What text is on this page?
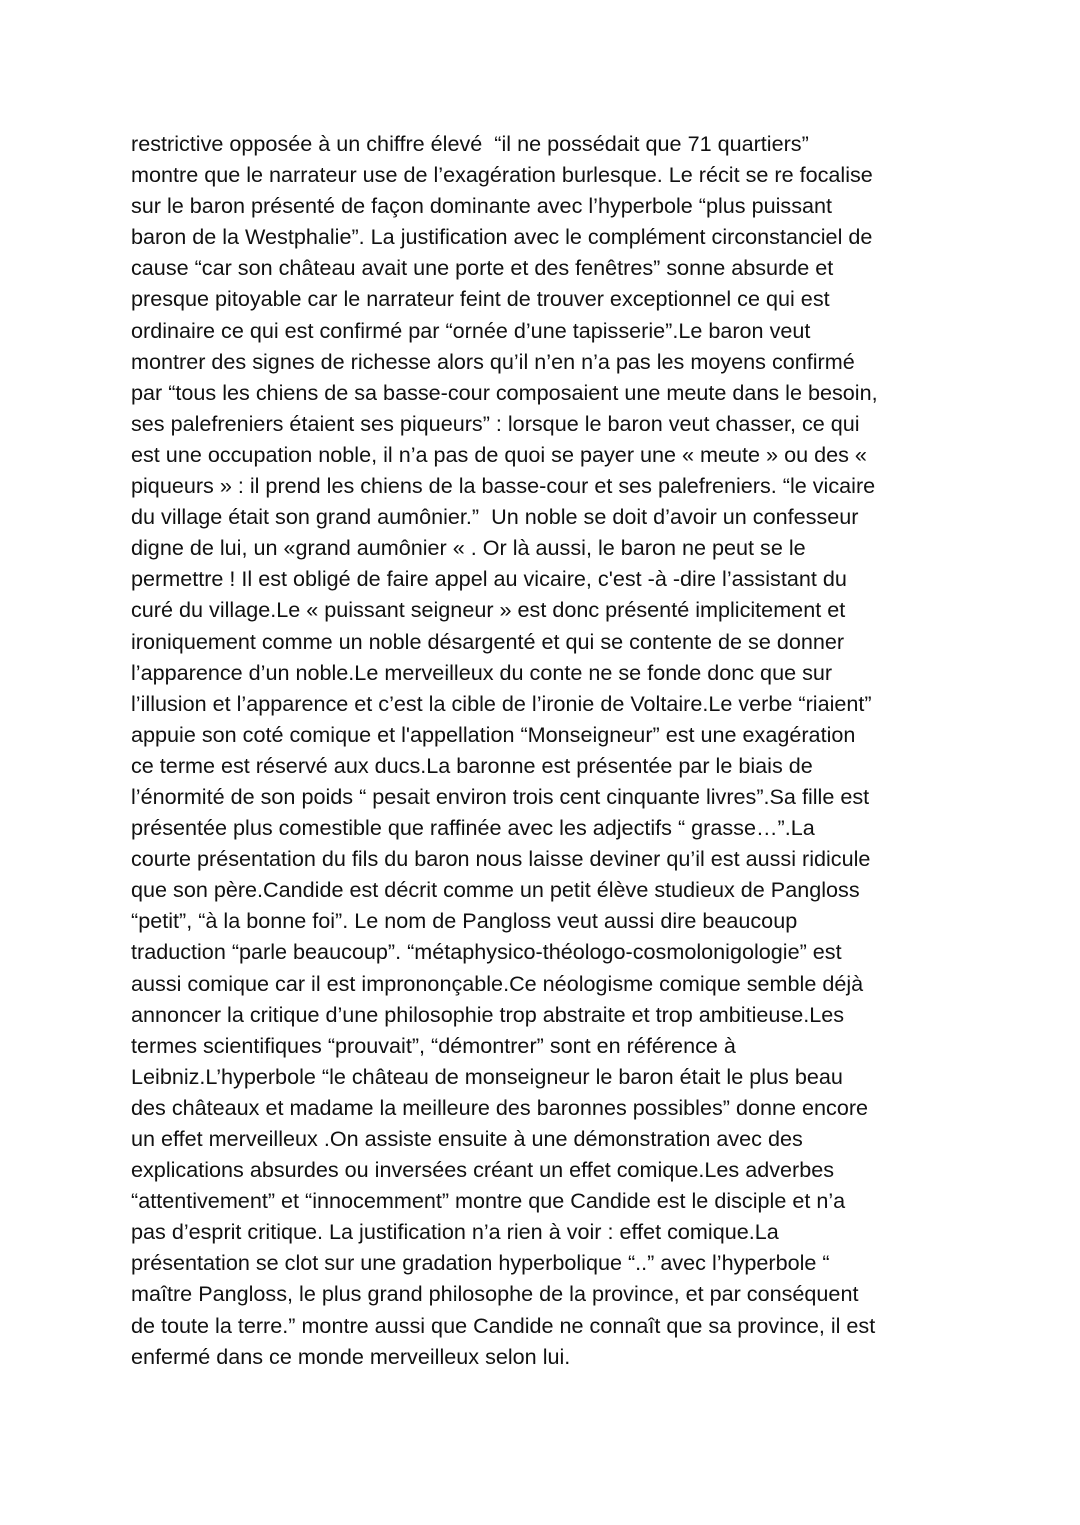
restrictive opposée à un chiffre élevé  “il ne possédait que 71 quartiers”
montre que le narrateur use de l’exagération burlesque. Le récit se re focalise
sur le baron présenté de façon dominante avec l’hyperbole “plus puissant
baron de la Westphalie”. La justification avec le complément circonstanciel de
cause “car son château avait une porte et des fenêtres” sonne absurde et
presque pitoyable car le narrateur feint de trouver exceptionnel ce qui est
ordinaire ce qui est confirmé par “ornée d’une tapisserie”.Le baron veut
montrer des signes de richesse alors qu’il n’en n’a pas les moyens confirmé
par “tous les chiens de sa basse-cour composaient une meute dans le besoin,
ses palefreniers étaient ses piqueurs” : lorsque le baron veut chasser, ce qui
est une occupation noble, il n’a pas de quoi se payer une « meute » ou des «
piqueurs » : il prend les chiens de la basse-cour et ses palefreniers. “le vicaire
du village était son grand aumônier.”  Un noble se doit d’avoir un confesseur
digne de lui, un «grand aumônier « . Or là aussi, le baron ne peut se le
permettre ! Il est obligé de faire appel au vicaire, c'est -à -dire l’assistant du
curé du village.Le « puissant seigneur » est donc présenté implicitement et
ironiquement comme un noble désargenté et qui se contente de se donner
l’apparence d’un noble.Le merveilleux du conte ne se fonde donc que sur
l’illusion et l’apparence et c’est la cible de l’ironie de Voltaire.Le verbe “riaient”
appuie son coté comique et l'appellation “Monseigneur” est une exagération
ce terme est réservé aux ducs.La baronne est présentée par le biais de
l’énormité de son poids “ pesait environ trois cent cinquante livres”.Sa fille est
présentée plus comestible que raffinée avec les adjectifs “ grasse…”.La
courte présentation du fils du baron nous laisse deviner qu’il est aussi ridicule
que son père.Candide est décrit comme un petit élève studieux de Pangloss
“petit”, “à la bonne foi”. Le nom de Pangloss veut aussi dire beaucoup
traduction “parle beaucoup”. “métaphysico-théologo-cosmolonigologie” est
aussi comique car il est imprononçable.Ce néologisme comique semble déjà
annoncer la critique d’une philosophie trop abstraite et trop ambitieuse.Les
termes scientifiques “prouvait”, “démontrer” sont en référence à
Leibniz.L’hyperbole “le château de monseigneur le baron était le plus beau
des châteaux et madame la meilleure des baronnes possibles” donne encore
un effet merveilleux .On assiste ensuite à une démonstration avec des
explications absurdes ou inversées créant un effet comique.Les adverbes
“attentivement” et “innocemment” montre que Candide est le disciple et n’a
pas d’esprit critique. La justification n’a rien à voir : effet comique.La
présentation se clot sur une gradation hyperbolique “..” avec l’hyperbole “
maître Pangloss, le plus grand philosophe de la province, et par conséquent
de toute la terre.” montre aussi que Candide ne connaît que sa province, il est
enfermé dans ce monde merveilleux selon lui.
